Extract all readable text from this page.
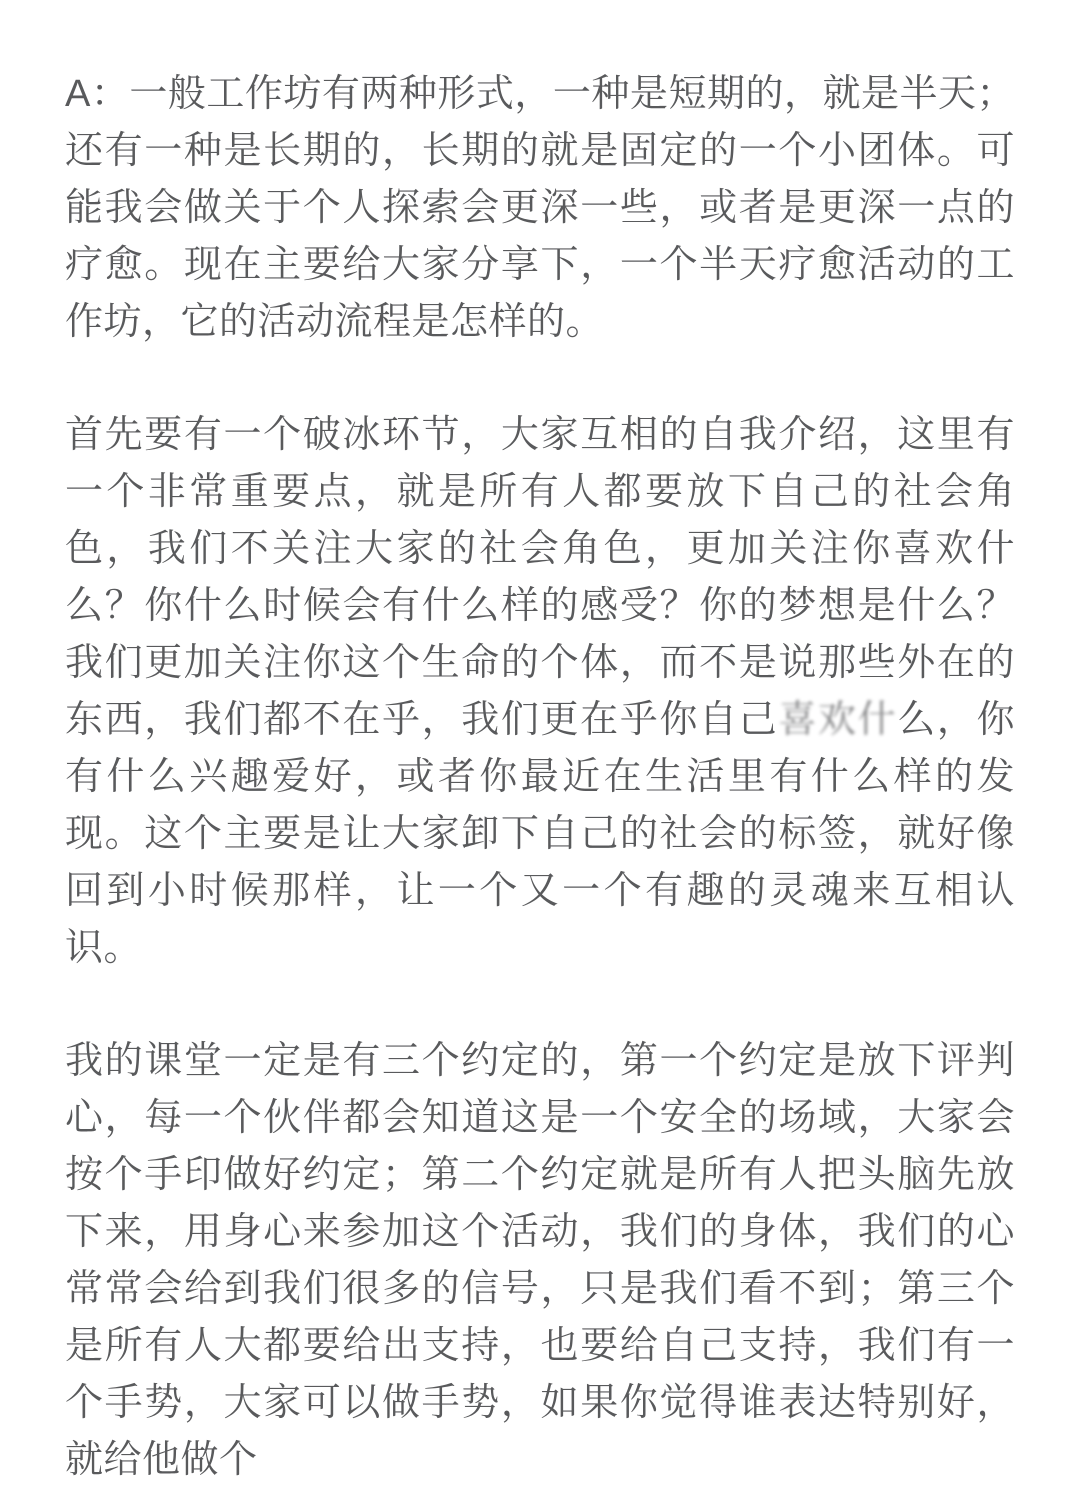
A：一般工作坊有两种形式，一种是短期的，就是半天；还有一种是长期的，长期的就是固定的一个小团体。可能我会做关于个人探索会更深一些，或者是更深一点的疗愈。现在主要给大家分享下，一个半天疗愈活动的工作坊，它的活动流程是怎样的。

首先要有一个破冰环节，大家互相的自我介绍，这里有一个非常重要点，就是所有人都要放下自己的社会角色，我们不关注大家的社会角色，更加关注你喜欢什么？你什么时候会有什么样的感受？你的梦想是什么？我们更加关注你这个生命的个体，而不是说那些外在的东西，我们都不在乎，我们更在乎你自己喜欢什么，你有什么兴趣爱好，或者你最近在生活里有什么样的发现。这个主要是让大家卸下自己的社会的标签，就好像回到小时候那样，让一个又一个有趣的灵魂来互相认识。

我的课堂一定是有三个约定的，第一个约定是放下评判心，每一个伙伴都会知道这是一个安全的场域，大家会按个手印做好约定；第二个约定就是所有人把头脑先放下来，用身心来参加这个活动，我们的身体，我们的心常常会给到我们很多的信号，只是我们看不到；第三个是所有人大都要给出支持，也要给自己支持，我们有一个手势，大家可以做手势，如果你觉得谁表达特别好，就给他做个
